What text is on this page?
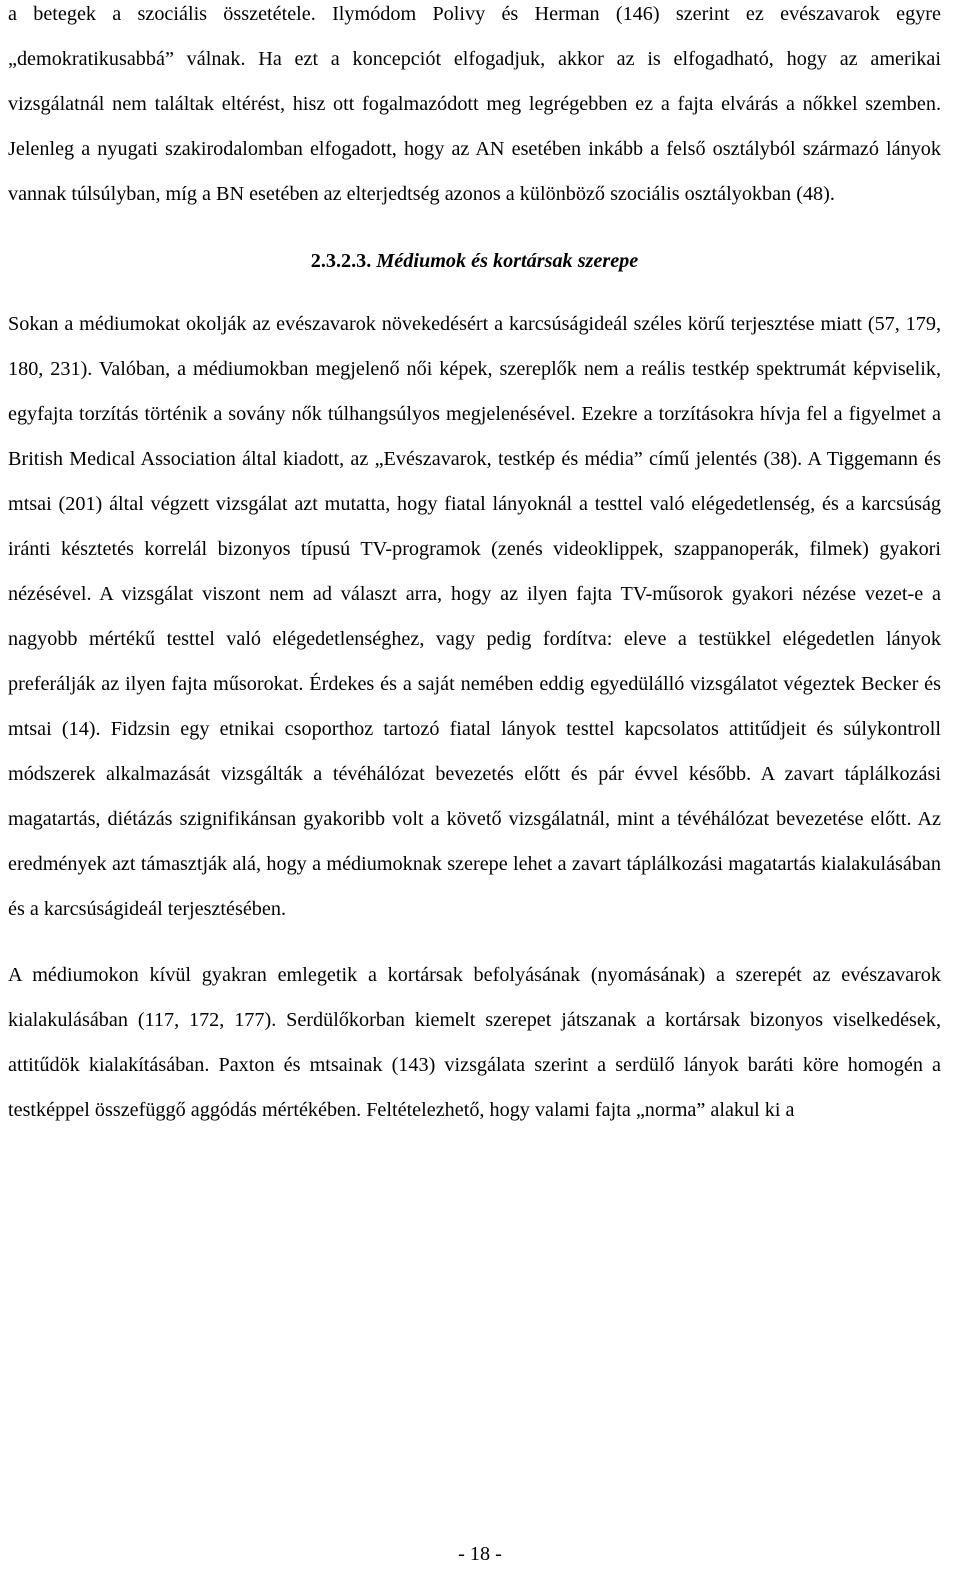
a betegek a szociális összetétele. Ilymódom Polivy és Herman (146) szerint ez evészavarok egyre „demokratikusabbá” válnak. Ha ezt a koncepciót elfogadjuk, akkor az is elfogadható, hogy az amerikai vizsgálatnál nem találtak eltérést, hisz ott fogalmazódott meg legrégebben ez a fajta elvárás a nőkkel szemben. Jelenleg a nyugati szakirodalomban elfogadott, hogy az AN esetében inkább a felső osztályból származó lányok vannak túlsúlyban, míg a BN esetében az elterjedtség azonos a különböző szociális osztályokban (48).

2.3.2.3. Médiumok és kortársak szerepe

Sokan a médiumokat okolják az evészavarok növekedésért a karcsúságideál széles körű terjesztése miatt (57, 179, 180, 231). Valóban, a médiumokban megjelenő női képek, szereplők nem a reális testkép spektrumát képviselik, egyfajta torzítás történik a sovány nők túlhangsúlyos megjelenésével. Ezekre a torzításokra hívja fel a figyelmet a British Medical Association által kiadott, az „Evészavarok, testkép és média” című jelentés (38). A Tiggemann és mtsai (201) által végzett vizsgálat azt mutatta, hogy fiatal lányoknál a testtel való elégedetlenség, és a karcsúság iránti késztetés korrelál bizonyos típusú TV-programok (zenés videoklippek, szappanoperák, filmek) gyakori nézésével. A vizsgálat viszont nem ad választ arra, hogy az ilyen fajta TV-műsorok gyakori nézése vezet-e a nagyobb mértékű testtel való elégedetlenséghez, vagy pedig fordítva: eleve a testükkel elégedetlen lányok preferálják az ilyen fajta műsorokat. Érdekes és a saját nemében eddig egyedülálló vizsgálatot végeztek Becker és mtsai (14). Fidzsin egy etnikai csoporthoz tartozó fiatal lányok testtel kapcsolatos attitűdjeit és súlykontroll módszerek alkalmazását vizsgálták a tévéhálózat bevezetés előtt és pár évvel később. A zavart táplálkozási magatartás, diétázás szignifikánsan gyakoribb volt a követő vizsgálatnál, mint a tévéhálózat bevezetése előtt. Az eredmények azt támasztják alá, hogy a médiumoknak szerepe lehet a zavart táplálkozási magatartás kialakulásában és a karcsúságideál terjesztésében.

A médiumokon kívül gyakran emlegetik a kortársak befolyásának (nyomásának) a szerepét az evészavarok kialakulásában (117, 172, 177). Serdülőkorban kiemelt szerepet játszanak a kortársak bizonyos viselkedések, attitűdök kialakításában. Paxton és mtsainak (143) vizsgálata szerint a serdülő lányok baráti köre homogén a testképpel összefüggő aggódás mértékében. Feltételezhető, hogy valami fajta „norma” alakul ki a

- 18 -
